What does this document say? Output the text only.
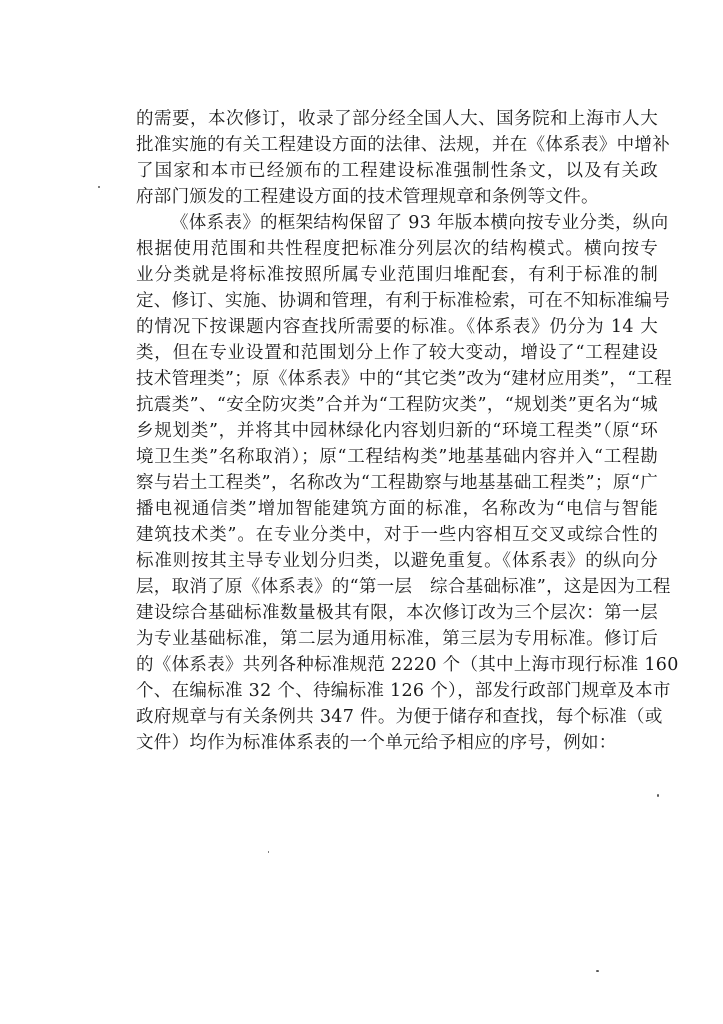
的需要，本次修订，收录了部分经全国人大、国务院和上海市人大
批准实施的有关工程建设方面的法律、法规，并在《体系表》中增补
了国家和本市已经颁布的工程建设标准强制性条文，以及有关政
府部门颁发的工程建设方面的技术管理规章和条例等文件。
《体系表》的框架结构保留了 93 年版本横向按专业分类，纵向
根据使用范围和共性程度把标准分列层次的结构模式。横向按专
业分类就是将标准按照所属专业范围归堆配套，有利于标准的制
定、修订、实施、协调和管理，有利于标准检索，可在不知标准编号
的情况下按课题内容查找所需要的标准。《体系表》仍分为 14 大
类，但在专业设置和范围划分上作了较大变动，增设了“工程建设
技术管理类”；原《体系表》中的“其它类”改为“建材应用类”，“工程
抗震类”、“安全防灾类”合并为“工程防灾类”，“规划类”更名为“城
乡规划类”，并将其中园林绿化内容划归新的“环境工程类”（原“环
境卫生类”名称取消）；原“工程结构类”地基基础内容并入“工程勘
察与岩土工程类”，名称改为“工程勘察与地基基础工程类”；原“广
播电视通信类”增加智能建筑方面的标准，名称改为“电信与智能
建筑技术类”。在专业分类中，对于一些内容相互交叉或综合性的
标准则按其主导专业划分归类，以避免重复。《体系表》的纵向分
层，取消了原《体系表》的“第一层　综合基础标准”，这是因为工程
建设综合基础标准数量极其有限，本次修订改为三个层次：第一层
为专业基础标准，第二层为通用标准，第三层为专用标准。修订后
的《体系表》共列各种标准规范 2220 个（其中上海市现行标准 160
个、在编标准 32 个、待编标准 126 个），部发行政部门规章及本市
政府规章与有关条例共 347 件。为便于储存和查找，每个标准（或
文件）均作为标准体系表的一个单元给予相应的序号，例如：
